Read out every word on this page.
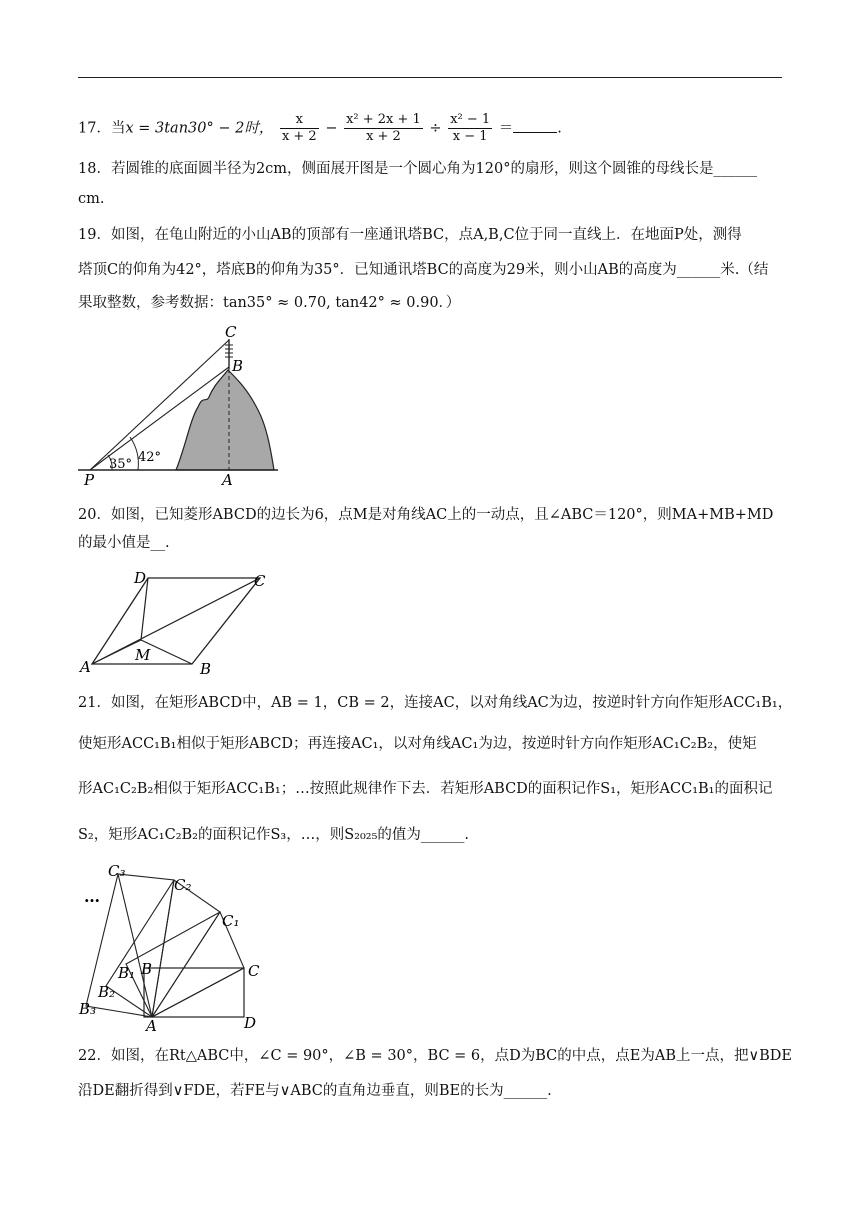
17．当x = 3tan30° − 2时， $\frac{x}{x + 2} - \frac{\text{x² + 2x + 1}}{x + 2} \div \frac{\text{x² − 1}}{x - 1}$ ＝	.
18．若圆锥的底面圆半径为2cm，侧面展开图是一个圆心角为120°的扇形，则这个圆锥的母线长是______
cm.
19．如图，在龟山附近的小山AB的顶部有一座通讯塔BC，点A,B,C位于同一直线上．在地面P处，测得
塔顶C的仰角为42°，塔底B的仰角为35°．已知通讯塔BC的高度为29米，则小山AB的高度为______米.（结
果取整数，参考数据：tan35° ≈ 0.70, tan42° ≈ 0.90．）
C
B
P	A
35° 42°
20．如图，已知菱形ABCD的边长为6，点M是对角线AC上的一动点，且∠ABC＝120°，则MA+MB+MD
的最小值是__.
A	B
C
D
M
21．如图，在矩形ABCD中，AB = 1，CB = 2，连接AC，以对角线AC为边，按逆时针方向作矩形ACC₁B₁，
使矩形ACC₁B₁相似于矩形ABCD；再连接AC₁，以对角线AC₁为边，按逆时针方向作矩形AC₁C₂B₂，使矩
形AC₁C₂B₂相似于矩形ACC₁B₁；…按照此规律作下去．若矩形ABCD的面积记作S₁，矩形ACC₁B₁的面积记
S₂，矩形AC₁C₂B₂的面积记作S₃，…，则S₂₀₂₅的值为______.
C₃
C₂
C₁
…
B₁ B	C
B₂
B₃
A	D
22．如图，在Rt△ABC中，∠C = 90°，∠B = 30°，BC = 6，点D为BC的中点，点E为AB上一点，把∨BDE
沿DE翻折得到∨FDE，若FE与∨ABC的直角边垂直，则BE的长为______.
